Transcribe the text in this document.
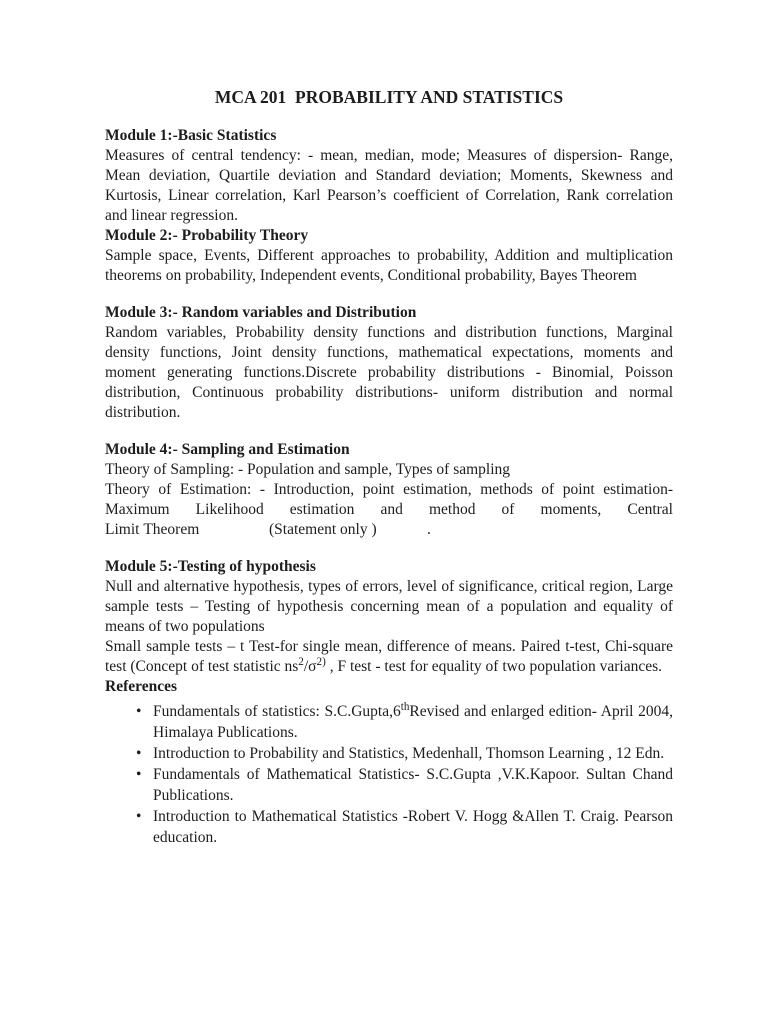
MCA 201  PROBABILITY AND STATISTICS
Module 1:-Basic Statistics

Measures of central tendency: - mean, median, mode; Measures of dispersion- Range, Mean deviation, Quartile deviation and Standard deviation; Moments, Skewness and Kurtosis, Linear correlation, Karl Pearson’s coefficient of Correlation, Rank correlation and linear regression.

Module 2:- Probability Theory

Sample space, Events, Different approaches to probability, Addition and multiplication theorems on probability, Independent events, Conditional probability, Bayes Theorem

Module 3:- Random variables and Distribution

Random variables, Probability density functions and distribution functions, Marginal density functions, Joint density functions, mathematical expectations, moments and moment generating functions.Discrete probability distributions - Binomial, Poisson distribution, Continuous probability distributions- uniform distribution and normal distribution.

Module 4:- Sampling and Estimation

Theory of Sampling: - Population and sample, Types of sampling

Theory of Estimation: - Introduction, point estimation, methods of point estimation-Maximum Likelihood estimation and method of moments, Central Limit Theorem                  (Statement only )             .

Module 5:-Testing of hypothesis

Null and alternative hypothesis, types of errors, level of significance, critical region, Large sample tests – Testing of hypothesis concerning mean of a population and equality of means of two populations

Small sample tests – t Test-for single mean, difference of means. Paired t-test, Chi-square test (Concept of test statistic $ns^2/\sigma^{2)}$ , F test - test for equality of two population variances.

References
• Fundamentals of statistics: S.C.Gupta,6thRevised and enlarged edition- April 2004, Himalaya Publications.
• Introduction to Probability and Statistics, Medenhall, Thomson Learning , 12 Edn.
• Fundamentals of Mathematical Statistics- S.C.Gupta ,V.K.Kapoor. Sultan Chand Publications.
• Introduction to Mathematical Statistics -Robert V. Hogg &Allen T. Craig. Pearson education.
